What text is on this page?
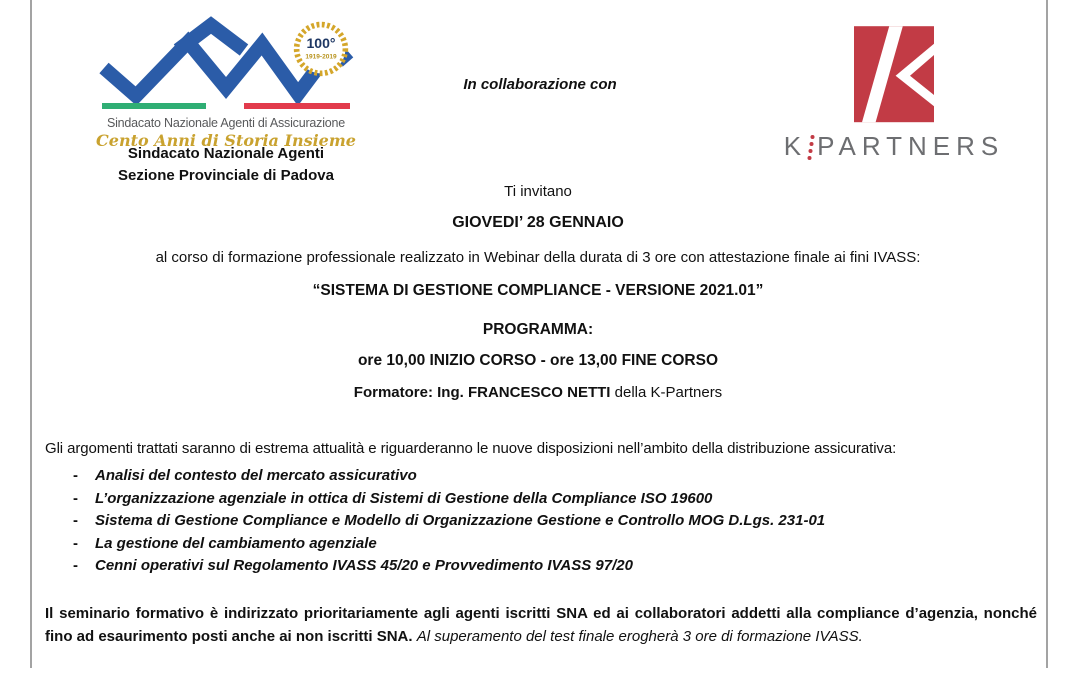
100°
1919-2019
Sindacato Nazionale Agenti di Assicurazione
Cento Anni di Storia Insieme
Sindacato Nazionale Agenti
Sezione Provinciale di Padova
In collaborazione con
K PARTNERS
Ti invitano
GIOVEDI’ 28 GENNAIO
al corso di formazione professionale realizzato in Webinar della durata di 3 ore con attestazione finale ai fini IVASS:
“SISTEMA DI GESTIONE COMPLIANCE - VERSIONE 2021.01”
PROGRAMMA:
ore 10,00 INIZIO CORSO - ore 13,00 FINE CORSO
Formatore: Ing. FRANCESCO NETTI della K-Partners
Gli argomenti trattati saranno di estrema attualità e riguarderanno le nuove disposizioni nell’ambito della distribuzione assicurativa:
- Analisi del contesto del mercato assicurativo
- L’organizzazione agenziale in ottica di Sistemi di Gestione della Compliance ISO 19600
- Sistema di Gestione Compliance e Modello di Organizzazione Gestione e Controllo MOG D.Lgs. 231-01
- La gestione del cambiamento agenziale
- Cenni operativi sul Regolamento IVASS 45/20 e Provvedimento IVASS 97/20
Il seminario formativo è indirizzato prioritariamente agli agenti iscritti SNA ed ai collaboratori addetti alla compliance d’agenzia, nonché fino ad esaurimento posti anche ai non iscritti SNA. Al superamento del test finale erogherà 3 ore di formazione IVASS.
